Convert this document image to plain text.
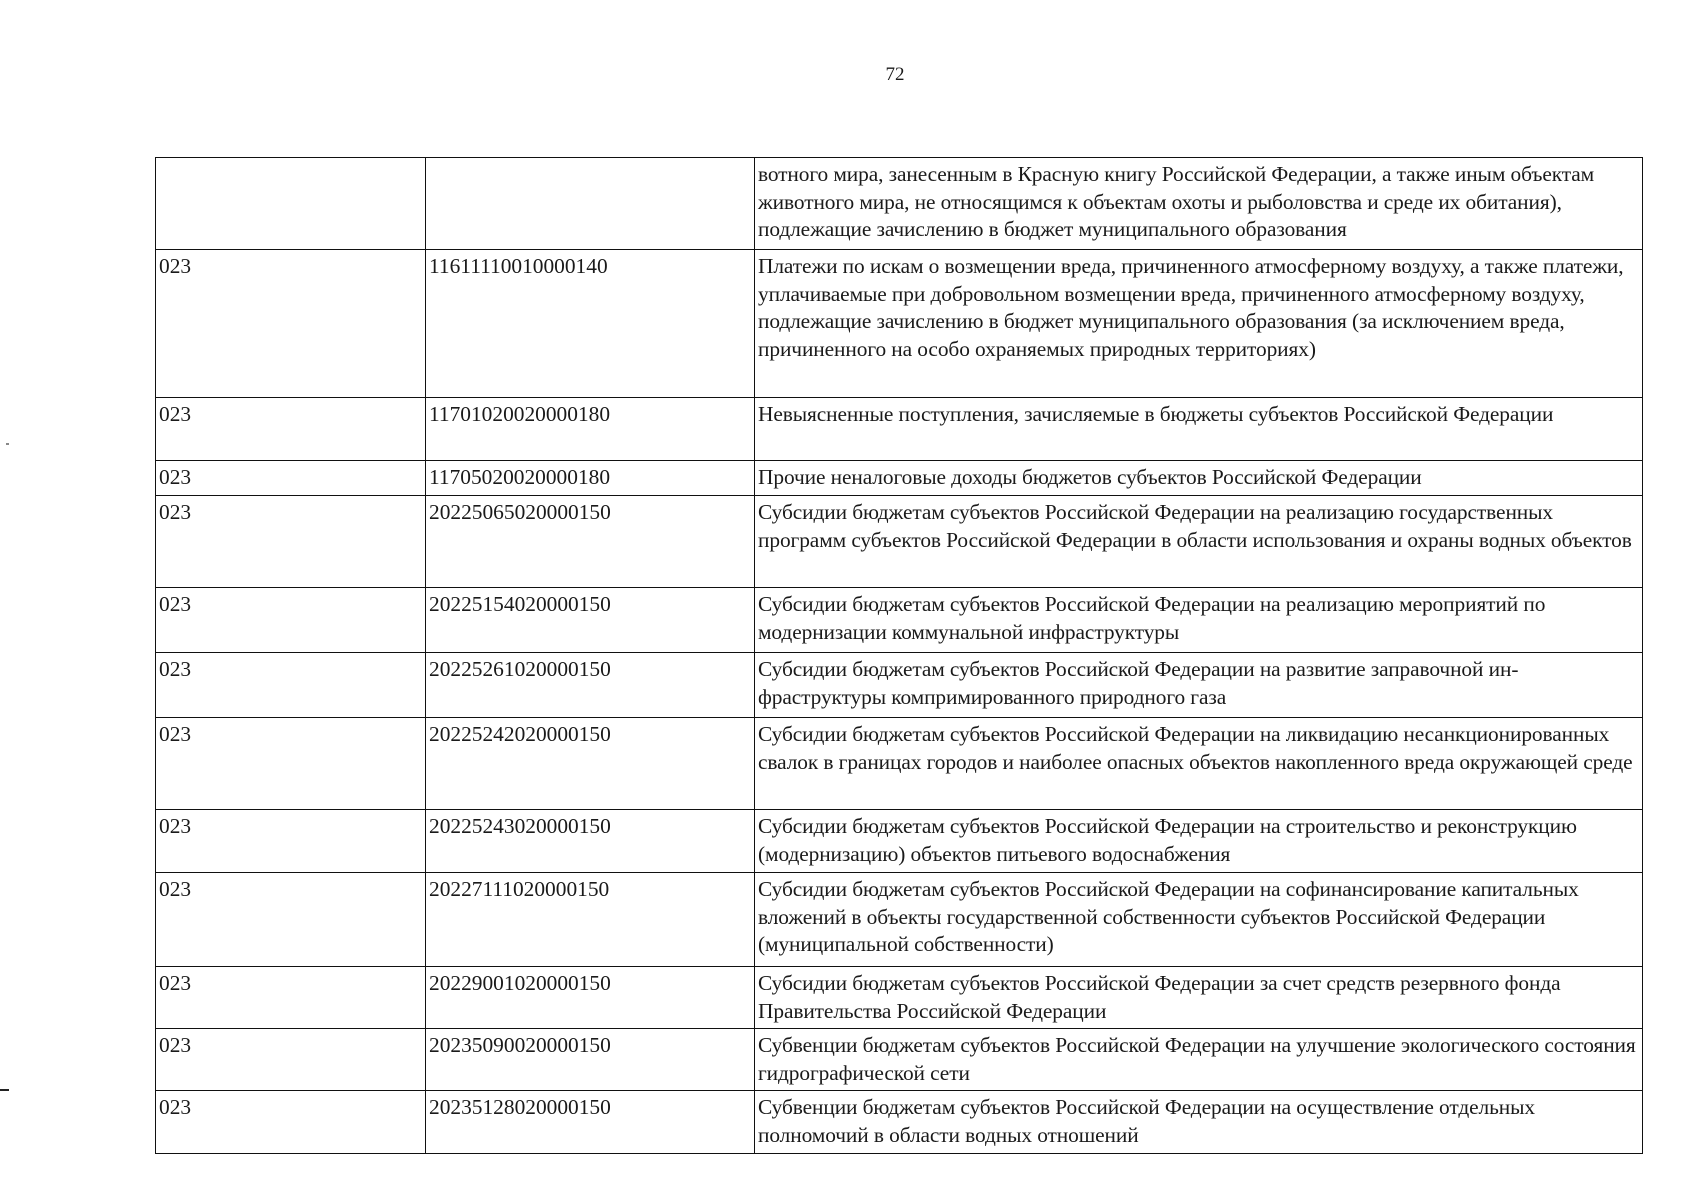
72
		вотного мира, занесенным в Красную книгу Российской Федерации, а также иным объектам животного мира, не относящимся к объектам охоты и рыболовства и среде их обитания), подлежащие зачислению в бюджет муниципального образования
023	11611110010000140	Платежи по искам о возмещении вреда, причиненного атмосферному воздуху, а также платежи, уплачиваемые при добровольном возмещении вреда, причиненного атмосферному воздуху, подлежащие зачислению в бюджет муниципального образования (за исключением вреда, причиненного на особо охраняемых природных территориях)
023	11701020020000180	Невыясненные поступления, зачисляемые в бюджеты субъектов Российской Федерации
023	11705020020000180	Прочие неналоговые доходы бюджетов субъектов Российской Федерации
023	20225065020000150	Субсидии бюджетам субъектов Российской Федерации на реализацию государственных программ субъектов Российской Федерации в области использования и охраны водных объектов
023	20225154020000150	Субсидии бюджетам субъектов Российской Федерации на реализацию мероприятий по модернизации коммунальной инфраструктуры
023	20225261020000150	Субсидии бюджетам субъектов Российской Федерации на развитие заправочной инфраструктуры компримированного природного газа
023	20225242020000150	Субсидии бюджетам субъектов Российской Федерации на ликвидацию несанкционированных свалок в границах городов и наиболее опасных объектов накопленного вреда окружающей среде
023	20225243020000150	Субсидии бюджетам субъектов Российской Федерации на строительство и реконструкцию (модернизацию) объектов питьевого водоснабжения
023	20227111020000150	Субсидии бюджетам субъектов Российской Федерации на софинансирование капитальных вложений в объекты государственной собственности субъектов Российской Федерации (муниципальной собственности)
023	20229001020000150	Субсидии бюджетам субъектов Российской Федерации за счет средств резервного фонда Правительства Российской Федерации
023	20235090020000150	Субвенции бюджетам субъектов Российской Федерации на улучшение экологического состояния гидрографической сети
023	20235128020000150	Субвенции бюджетам субъектов Российской Федерации на осуществление отдельных полномочий в области водных отношений
